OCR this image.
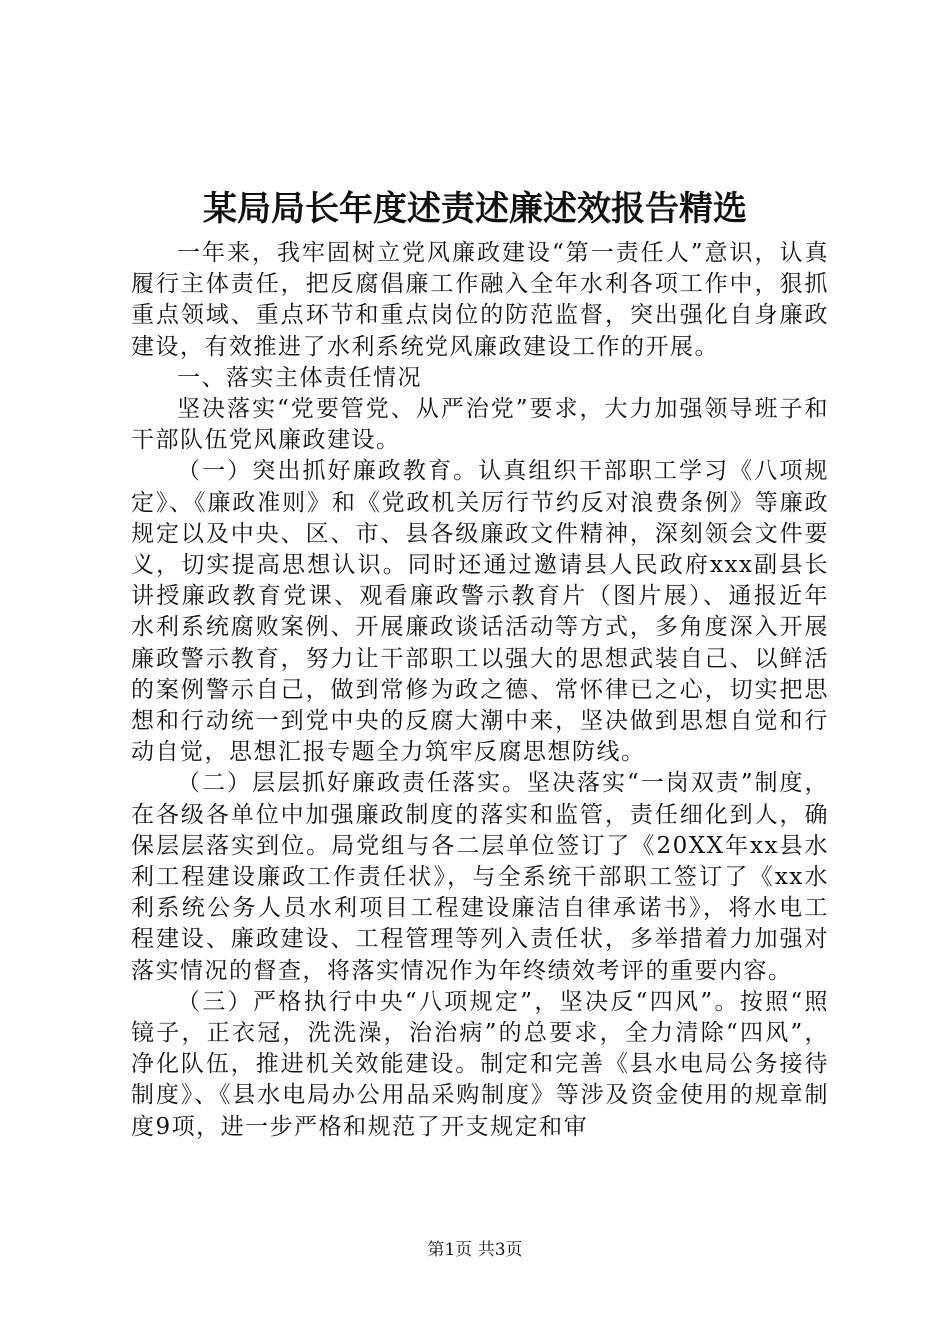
某局局长年度述责述廉述效报告精选

一年来，我牢固树立党风廉政建设“第一责任人”意识，认真履行主体责任，把反腐倡廉工作融入全年水利各项工作中，狠抓重点领域、重点环节和重点岗位的防范监督，突出强化自身廉政建设，有效推进了水利系统党风廉政建设工作的开展。

一、落实主体责任情况

坚决落实“党要管党、从严治党”要求，大力加强领导班子和干部队伍党风廉政建设。

（一）突出抓好廉政教育。认真组织干部职工学习《八项规定》、《廉政准则》和《党政机关厉行节约反对浪费条例》等廉政规定以及中央、区、市、县各级廉政文件精神，深刻领会文件要义，切实提高思想认识。同时还通过邀请县人民政府xxx副县长讲授廉政教育党课、观看廉政警示教育片（图片展）、通报近年水利系统腐败案例、开展廉政谈话活动等方式，多角度深入开展廉政警示教育，努力让干部职工以强大的思想武装自己、以鲜活的案例警示自己，做到常修为政之德、常怀律已之心，切实把思想和行动统一到党中央的反腐大潮中来，坚决做到思想自觉和行动自觉，思想汇报专题全力筑牢反腐思想防线。

（二）层层抓好廉政责任落实。坚决落实“一岗双责”制度，在各级各单位中加强廉政制度的落实和监管，责任细化到人，确保层层落实到位。局党组与各二层单位签订了《20XX年xx县水利工程建设廉政工作责任状》，与全系统干部职工签订了《xx水利系统公务人员水利项目工程建设廉洁自律承诺书》，将水电工程建设、廉政建设、工程管理等列入责任状，多举措着力加强对落实情况的督查，将落实情况作为年终绩效考评的重要内容。

（三）严格执行中央“八项规定”，坚决反“四风”。按照“照镜子，正衣冠，洗洗澡，治治病”的总要求，全力清除“四风”，净化队伍，推进机关效能建设。制定和完善《县水电局公务接待制度》、《县水电局办公用品采购制度》等涉及资金使用的规章制度9项，进一步严格和规范了开支规定和审

第1页 共3页
